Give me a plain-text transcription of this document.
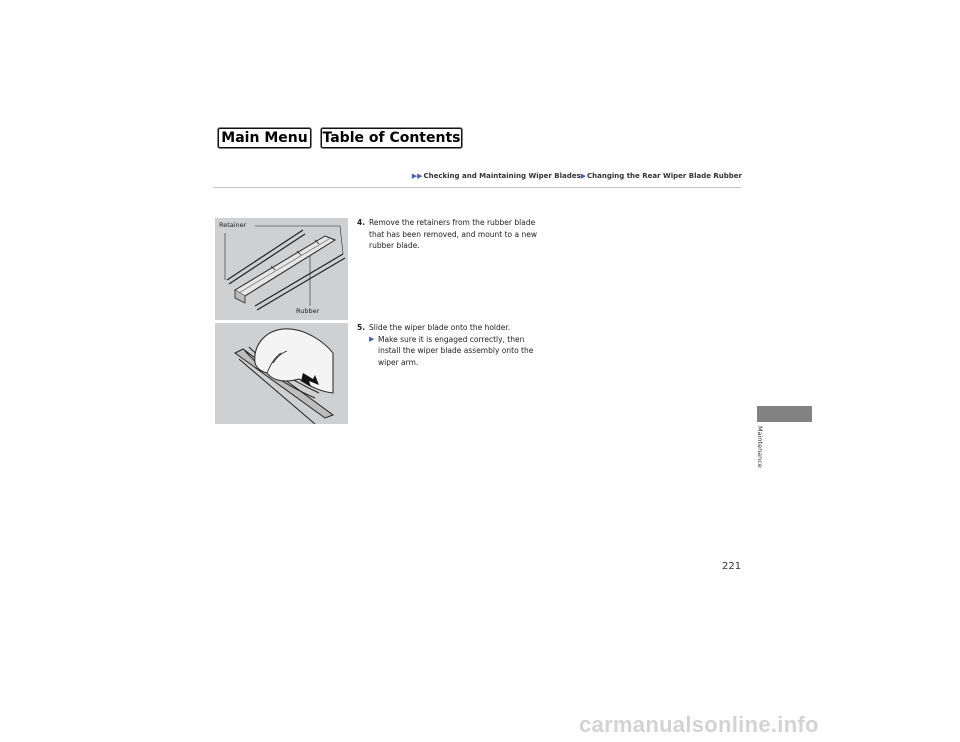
Main Menu Table of Contents
▶▶ Checking and Maintaining Wiper Blades ▶ Changing the Rear Wiper Blade Rubber
Retainer
Rubber
4. Remove the retainers from the rubber blade that has been removed, and mount to a new rubber blade.
5. Slide the wiper blade onto the holder.
▶ Make sure it is engaged correctly, then install the wiper blade assembly onto the wiper arm.
Maintenance
221
carmanualsonline.info
